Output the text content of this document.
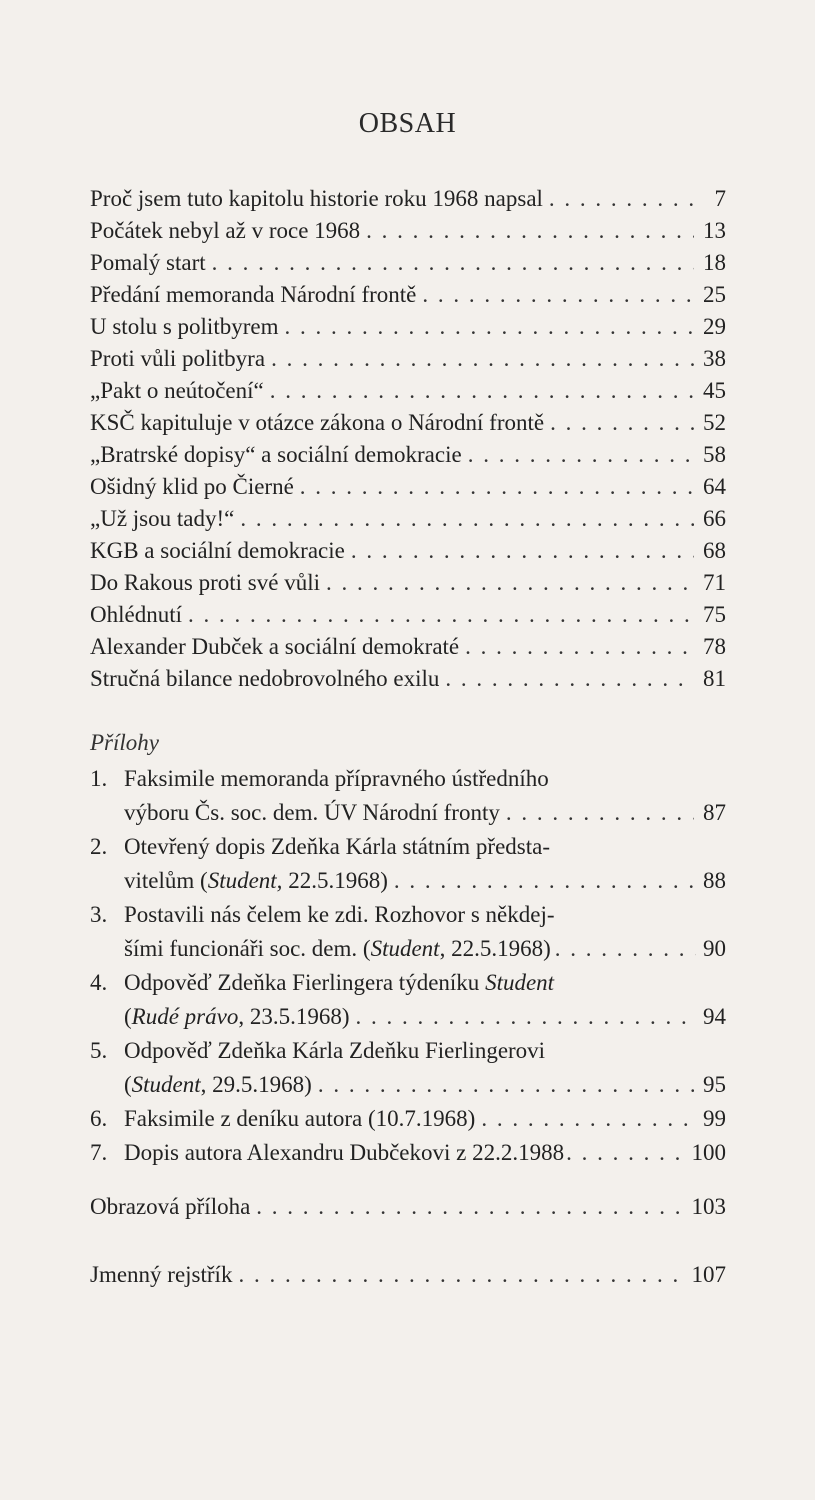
OBSAH
Proč jsem tuto kapitolu historie roku 1968 napsal . . .	7
Počátek nebyl až v roce 1968 . . .	13
Pomalý start . . .	18
Předání memoranda Národní frontě . . .	25
U stolu s politbyrem . . .	29
Proti vůli politbyra . . .	38
„Pakt o neútočení“ . . .	45
KSČ kapituluje v otázce zákona o Národní frontě . . .	52
„Bratrské dopisy“ a sociální demokracie . . .	58
Ošidný klid po Čierné . . .	64
„Už jsou tady!“ . . .	66
KGB a sociální demokracie . . .	68
Do Rakous proti své vůli . . .	71
Ohlédnutí . . .	75
Alexander Dubček a sociální demokraté . . .	78
Stručná bilance nedobrovolného exilu . . .	81
Přílohy
1. Faksimile memoranda přípravného ústředního
výboru Čs. soc. dem. ÚV Národní fronty . . .	87
2. Otevřený dopis Zdeňka Kárla státním předsta-
vitelům (Student, 22.5.1968) . . .	88
3. Postavili nás čelem ke zdi. Rozhovor s někdej-
šími funcionáři soc. dem. (Student, 22.5.1968) . . .	90
4. Odpověď Zdeňka Fierlingera týdeníku Student
(Rudé právo, 23.5.1968) . . .	94
5. Odpověď Zdeňka Kárla Zdeňku Fierlingerovi
(Student, 29.5.1968) . . .	95
6. Faksimile z deníku autora (10.7.1968) . . .	99
7. Dopis autora Alexandru Dubčekovi z 22.2.1988 . . .	100
Obrazová příloha . . .	103
Jmenný rejstřík . . .	107
